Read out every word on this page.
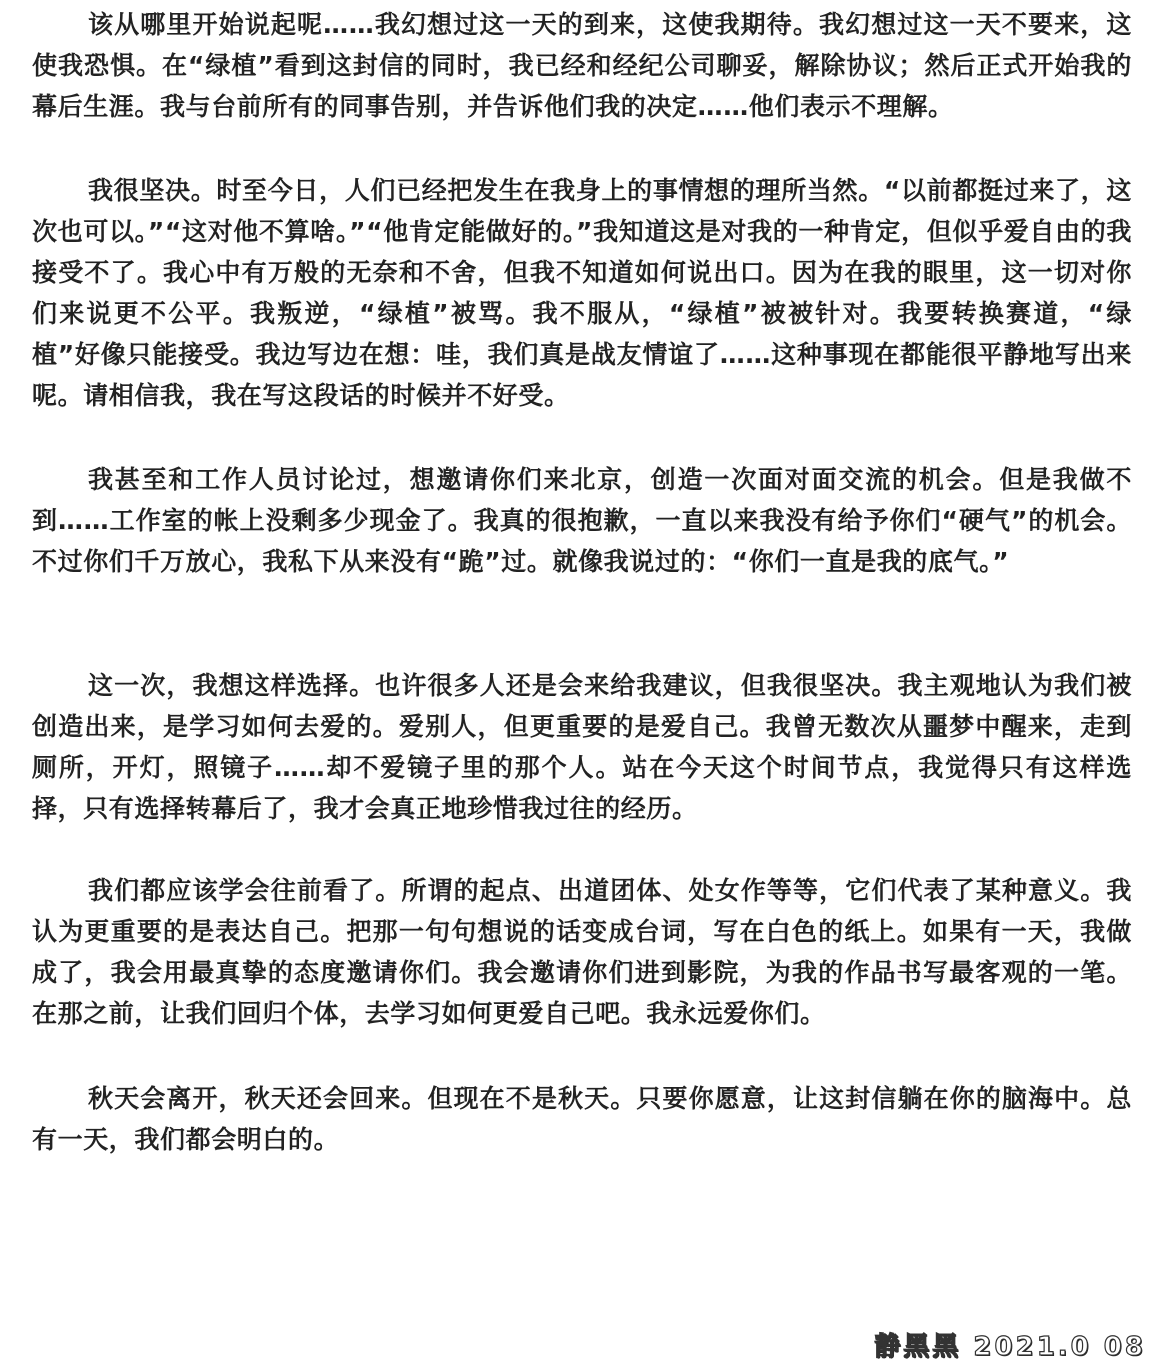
该从哪里开始说起呢……我幻想过这一天的到来，这使我期待。我幻想过这一天不要来，这使我恐惧。在“绿植”看到这封信的同时，我已经和经纪公司聊妥，解除协议；然后正式开始我的幕后生涯。我与台前所有的同事告别，并告诉他们我的决定……他们表示不理解。

我很坚决。时至今日，人们已经把发生在我身上的事情想的理所当然。“以前都挺过来了，这次也可以。”“这对他不算啥。”“他肯定能做好的。”我知道这是对我的一种肯定，但似乎爱自由的我接受不了。我心中有万般的无奈和不舍，但我不知道如何说出口。因为在我的眼里，这一切对你们来说更不公平。我叛逆，“绿植”被骂。我不服从，“绿植”被被针对。我要转换赛道，“绿植”好像只能接受。我边写边在想：哇，我们真是战友情谊了……这种事现在都能很平静地写出来呢。请相信我，我在写这段话的时候并不好受。

我甚至和工作人员讨论过，想邀请你们来北京，创造一次面对面交流的机会。但是我做不到……工作室的帐上没剩多少现金了。我真的很抱歉，一直以来我没有给予你们“硬气”的机会。不过你们千万放心，我私下从来没有“跪”过。就像我说过的：“你们一直是我的底气。”

这一次，我想这样选择。也许很多人还是会来给我建议，但我很坚决。我主观地认为我们被创造出来，是学习如何去爱的。爱别人，但更重要的是爱自己。我曾无数次从噩梦中醒来，走到厕所，开灯，照镜子……却不爱镜子里的那个人。站在今天这个时间节点，我觉得只有这样选择，只有选择转幕后了，我才会真正地珍惜我过往的经历。

我们都应该学会往前看了。所谓的起点、出道团体、处女作等等，它们代表了某种意义。我认为更重要的是表达自己。把那一句句想说的话变成台词，写在白色的纸上。如果有一天，我做成了，我会用最真挚的态度邀请你们。我会邀请你们进到影院，为我的作品书写最客观的一笔。在那之前，让我们回归个体，去学习如何更爱自己吧。我永远爱你们。

秋天会离开，秋天还会回来。但现在不是秋天。只要你愿意，让这封信躺在你的脑海中。总有一天，我们都会明白的。

静黑黑 2021.0 08
